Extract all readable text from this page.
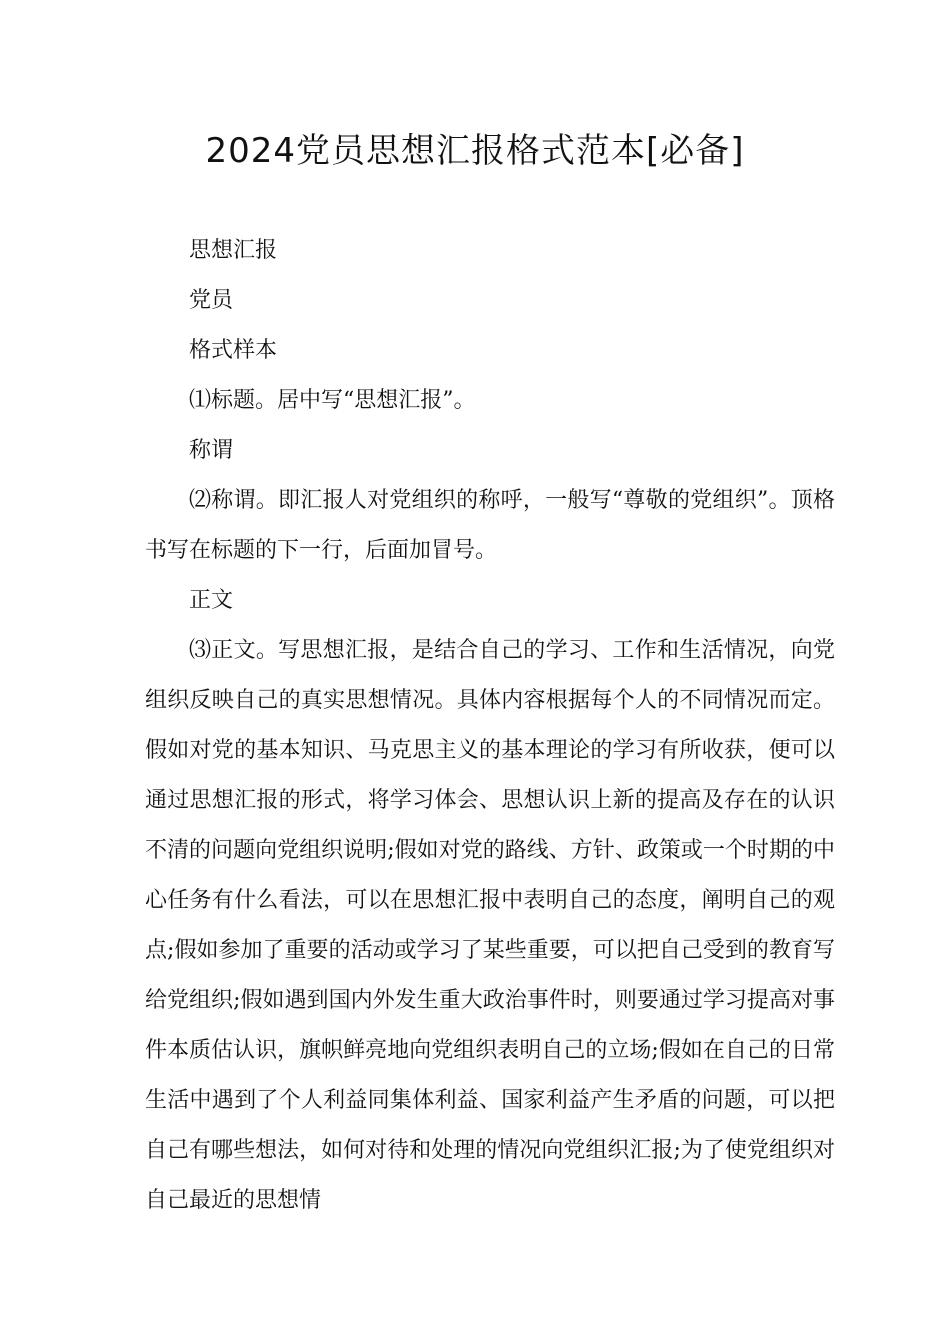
2024党员思想汇报格式范本[必备]

思想汇报

党员

格式样本

⑴标题。居中写“思想汇报”。

称谓

⑵称谓。即汇报人对党组织的称呼，一般写“尊敬的党组织”。顶格书写在标题的下一行，后面加冒号。

正文

⑶正文。写思想汇报，是结合自己的学习、工作和生活情况，向党组织反映自己的真实思想情况。具体内容根据每个人的不同情况而定。假如对党的基本知识、马克思主义的基本理论的学习有所收获，便可以通过思想汇报的形式，将学习体会、思想认识上新的提高及存在的认识不清的问题向党组织说明;假如对党的路线、方针、政策或一个时期的中心任务有什么看法，可以在思想汇报中表明自己的态度，阐明自己的观点;假如参加了重要的活动或学习了某些重要，可以把自己受到的教育写给党组织;假如遇到国内外发生重大政治事件时，则要通过学习提高对事件本质估认识，旗帜鲜亮地向党组织表明自己的立场;假如在自己的日常生活中遇到了个人利益同集体利益、国家利益产生矛盾的问题，可以把自己有哪些想法，如何对待和处理的情况向党组织汇报;为了使党组织对自己最近的思想情
